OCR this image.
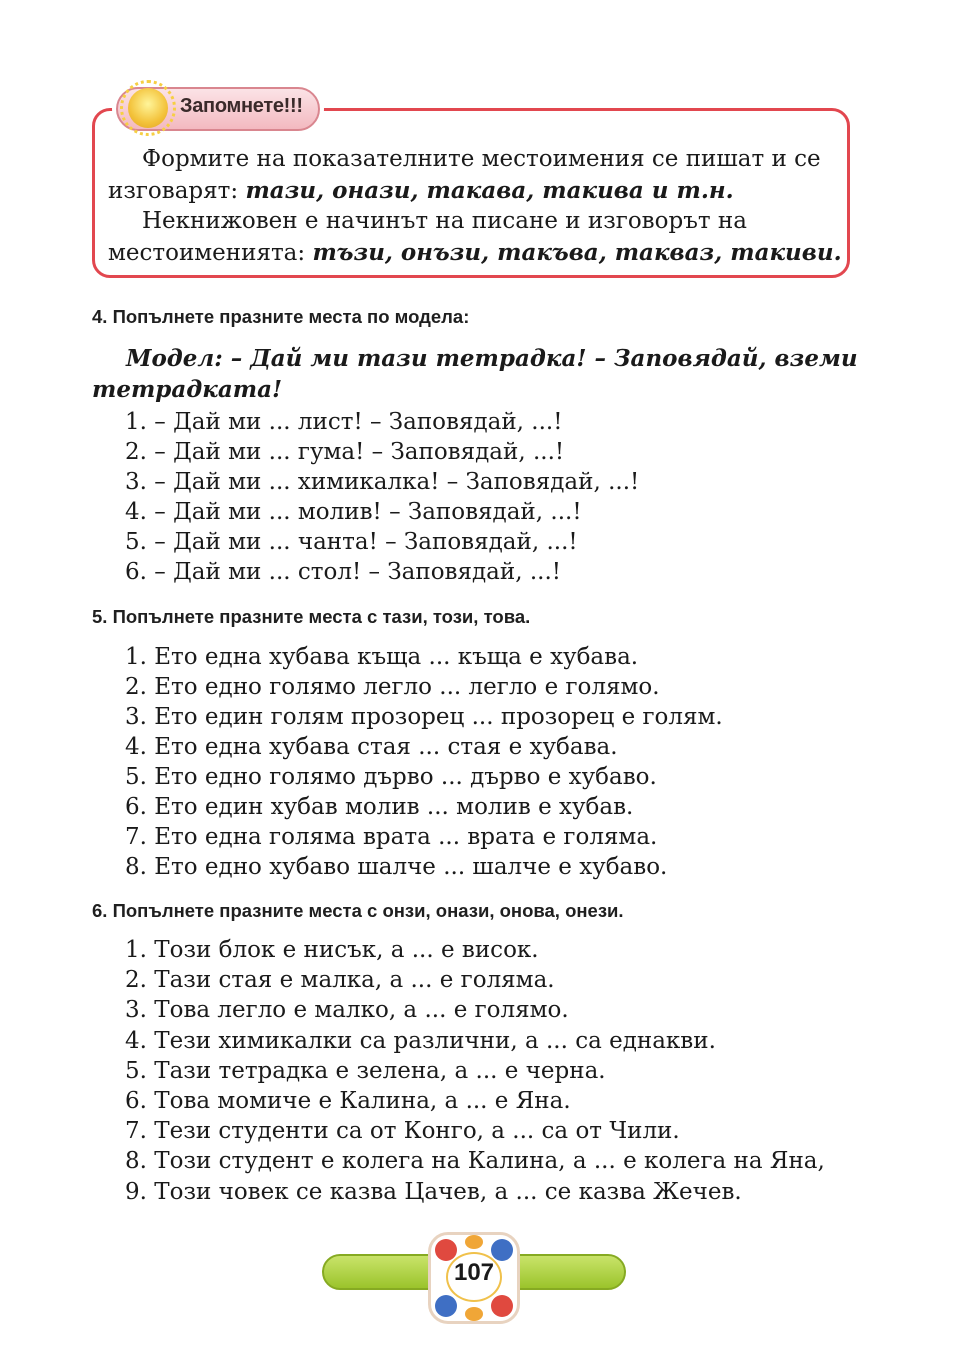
Запомнете!!!
Формите на показателните местоимения се пишат и се изговарят: тази, онази, такава, такива и т.н.
Некнижовен е начинът на писане и изговорът на местоименията: тъзи, онъзи, такъва, такваз, такиви.
4. Попълнете празните места по модела:
Модел: – Дай ми тази тетрадка! – Заповядай, вземи тетрадката!
1. – Дай ми ... лист! – Заповядай, ...!
2. – Дай ми ... гума! – Заповядай, ...!
3. – Дай ми ... химикалка! – Заповядай, ...!
4. – Дай ми ... молив! – Заповядай, ...!
5. – Дай ми ... чанта! – Заповядай, ...!
6. – Дай ми ... стол! – Заповядай, ...!
5. Попълнете празните места с тази, този, това.
1. Ето една хубава къща ... къща е хубава.
2. Ето едно голямо легло ... легло е голямо.
3. Ето един голям прозорец ... прозорец е голям.
4. Ето една хубава стая ... стая е хубава.
5. Ето едно голямо дърво ... дърво е хубаво.
6. Ето един хубав молив ... молив е хубав.
7. Ето една голяма врата ... врата е голяма.
8. Ето едно хубаво шалче ... шалче е хубаво.
6. Попълнете празните места с онзи, онази, онова, онези.
1. Този блок е нисък, а ... е висок.
2. Тази стая е малка, а ... е голяма.
3. Това легло е малко, а ... е голямо.
4. Тези химикалки са различни, а ... са еднакви.
5. Тази тетрадка е зелена, а ... е черна.
6. Това момиче е Калина, а ... е Яна.
7. Тези студенти са от Конго, а ... са от Чили.
8. Този студент е колега на Калина, а ... е колега на Яна,
9. Този човек се казва Цачев, а ... се казва Жечев.
107
